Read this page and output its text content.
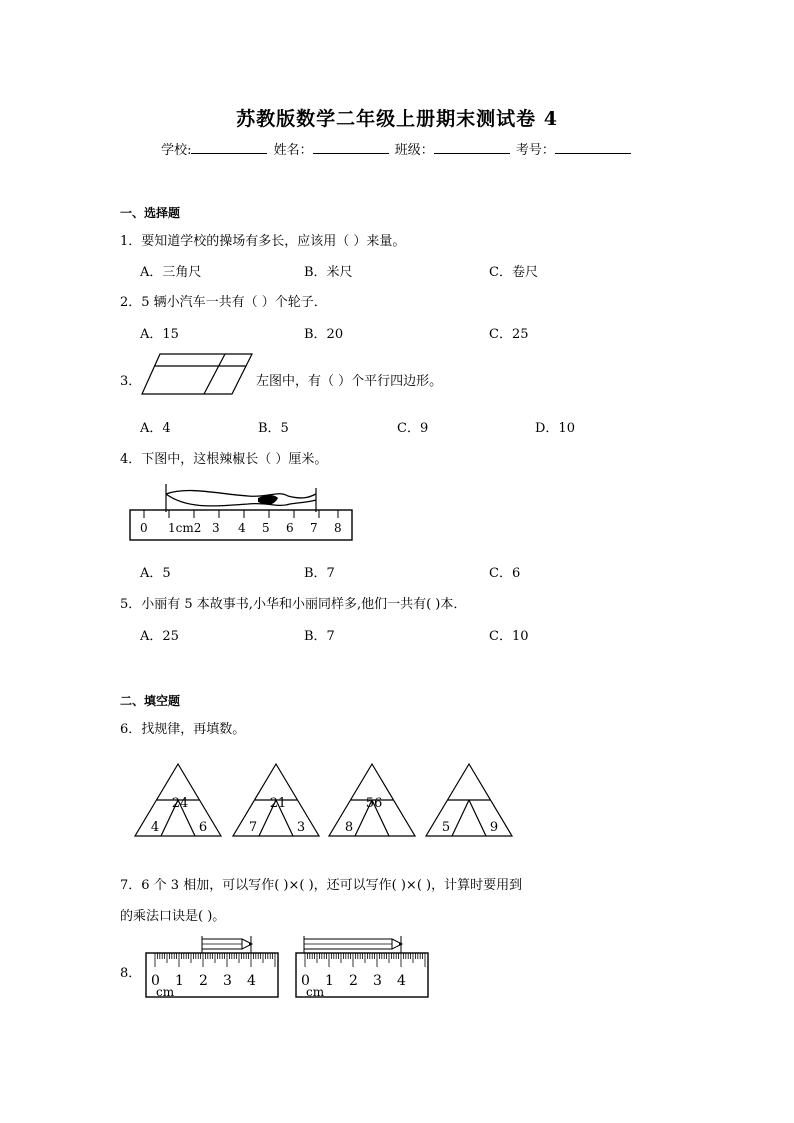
苏教版数学二年级上册期末测试卷 4
学校:	姓名：	班级：	考号：
一、选择题
1．要知道学校的操场有多长，应该用（ ）来量。
A．三角尺	B．米尺	C．卷尺
2．5 辆小汽车一共有（ ）个轮子．
A．15	B．20	C．25
3．	左图中，有（ ）个平行四边形。
A．4	B．5	C．9	D．10
4．下图中，这根辣椒长（ ）厘米。
0 1cm2 3 4 5 6 7 8
A．5	B．7	C．6
5．小丽有 5 本故事书,小华和小丽同样多,他们一共有( )本．
A．25	B．7	C．10
二、填空题
6．找规律，再填数。
24
4	6
21
7	3
56
8	5	9
7．6 个 3 相加，可以写作( )×( )，还可以写作( )×( )，计算时要用到
的乘法口诀是( )。
8． 0 1 2 3 4
cm
0 1 2 3 4
cm
